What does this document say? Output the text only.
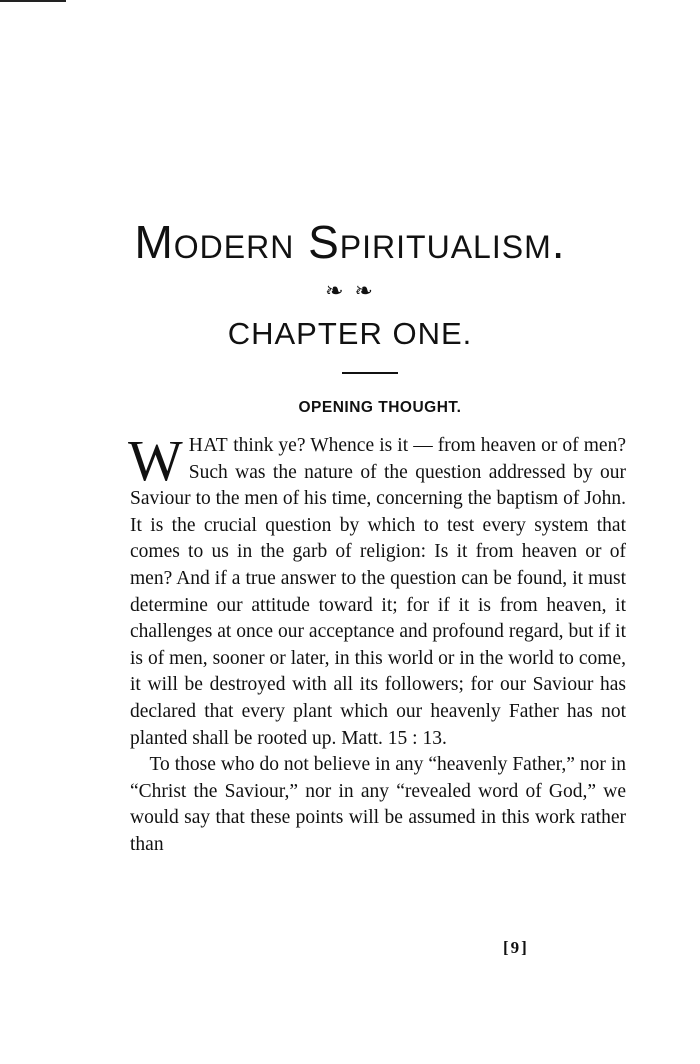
Modern Spiritualism.
❧ ❧
CHAPTER ONE.
OPENING THOUGHT.

WHAT think ye? Whence is it — from heaven or of men? Such was the nature of the question addressed by our Saviour to the men of his time, concerning the baptism of John. It is the crucial question by which to test every system that comes to us in the garb of religion: Is it from heaven or of men? And if a true answer to the question can be found, it must determine our attitude toward it; for if it is from heaven, it challenges at once our acceptance and profound regard, but if it is of men, sooner or later, in this world or in the world to come, it will be destroyed with all its followers; for our Saviour has declared that every plant which our heavenly Father has not planted shall be rooted up. Matt. 15 : 13.

To those who do not believe in any “heavenly Father,” nor in “Christ the Saviour,” nor in any “revealed word of God,” we would say that these points will be assumed in this work rather than

[9]
